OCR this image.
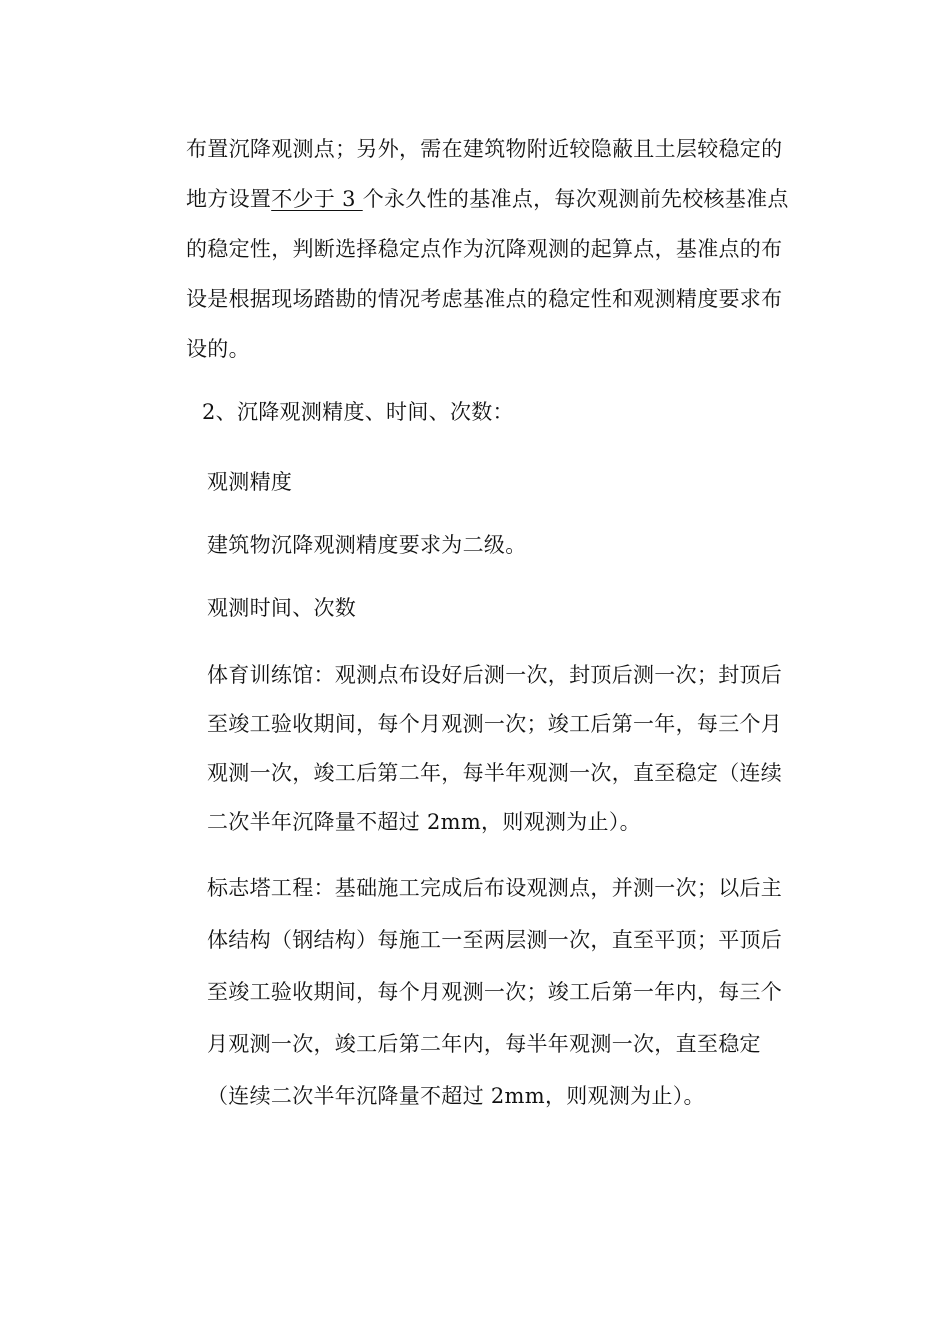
布置沉降观测点；另外，需在建筑物附近较隐蔽且土层较稳定的
地方设置不少于 3 个永久性的基准点，每次观测前先校核基准点
的稳定性，判断选择稳定点作为沉降观测的起算点，基准点的布
设是根据现场踏勘的情况考虑基准点的稳定性和观测精度要求布
设的。
2、沉降观测精度、时间、次数：
观测精度
建筑物沉降观测精度要求为二级。
观测时间、次数
体育训练馆：观测点布设好后测一次，封顶后测一次；封顶后
至竣工验收期间，每个月观测一次；竣工后第一年，每三个月
观测一次，竣工后第二年，每半年观测一次，直至稳定（连续
二次半年沉降量不超过 2mm，则观测为止）。
标志塔工程：基础施工完成后布设观测点，并测一次；以后主
体结构（钢结构）每施工一至两层测一次，直至平顶；平顶后
至竣工验收期间，每个月观测一次；竣工后第一年内，每三个
月观测一次，竣工后第二年内，每半年观测一次，直至稳定
（连续二次半年沉降量不超过 2mm，则观测为止）。
